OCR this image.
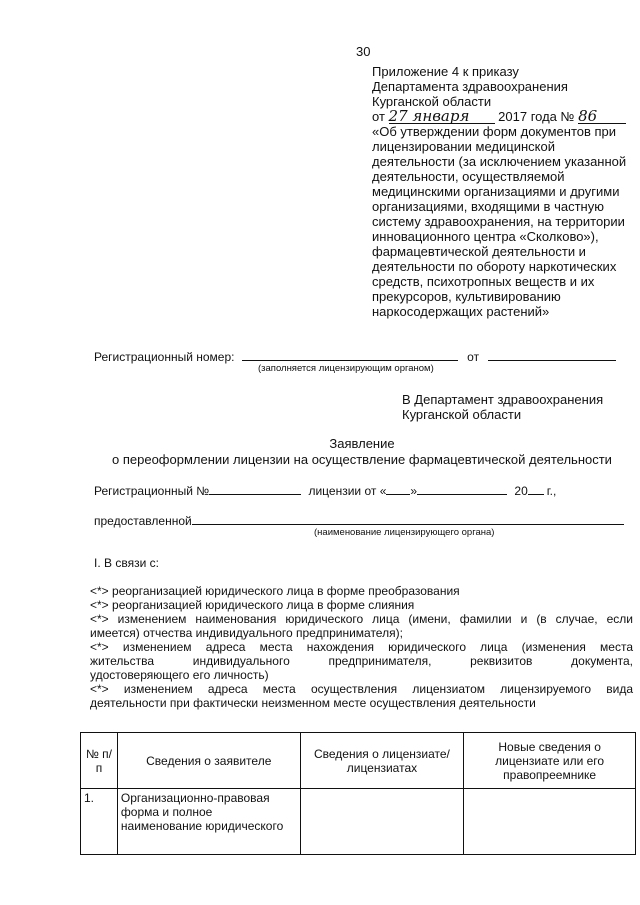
30
Приложение 4 к приказу
Департамента здравоохранения
Курганской области
от 27 января 2017 года № 86
«Об утверждении форм документов при
лицензировании медицинской
деятельности (за исключением указанной
деятельности, осуществляемой
медицинскими организациями и другими
организациями, входящими в частную
систему здравоохранения, на территории
инновационного центра «Сколково»),
фармацевтической деятельности и
деятельности по обороту наркотических
средств, психотропных веществ и их
прекурсоров, культивированию
наркосодержащих растений»
Регистрационный номер:	от
(заполняется лицензирующим органом)
В Департамент здравоохранения
Курганской области
Заявление
о переоформлении лицензии на осуществление фармацевтической деятельности
Регистрационный №	лицензии от « »	20 г.,
предоставленной
(наименование лицензирующего органа)
I. В связи с:
<*> реорганизацией юридического лица в форме преобразования
<*> реорганизацией юридического лица в форме слияния
<*> изменением наименования юридического лица (имени, фамилии и (в случае, если
имеется) отчества индивидуального предпринимателя);
<*> изменением адреса места нахождения юридического лица (изменения места
жительства индивидуального предпринимателя, реквизитов документа,
удостоверяющего его личность)
<*> изменением адреса места осуществления лицензиатом лицензируемого вида
деятельности при фактически неизменном месте осуществления деятельности
№ п/п	Сведения о заявителе	Сведения о лицензиате/лицензиатах	Новые сведения о лицензиате или его правопреемнике
1.	Организационно-правовая форма и полное наименование юридического		
